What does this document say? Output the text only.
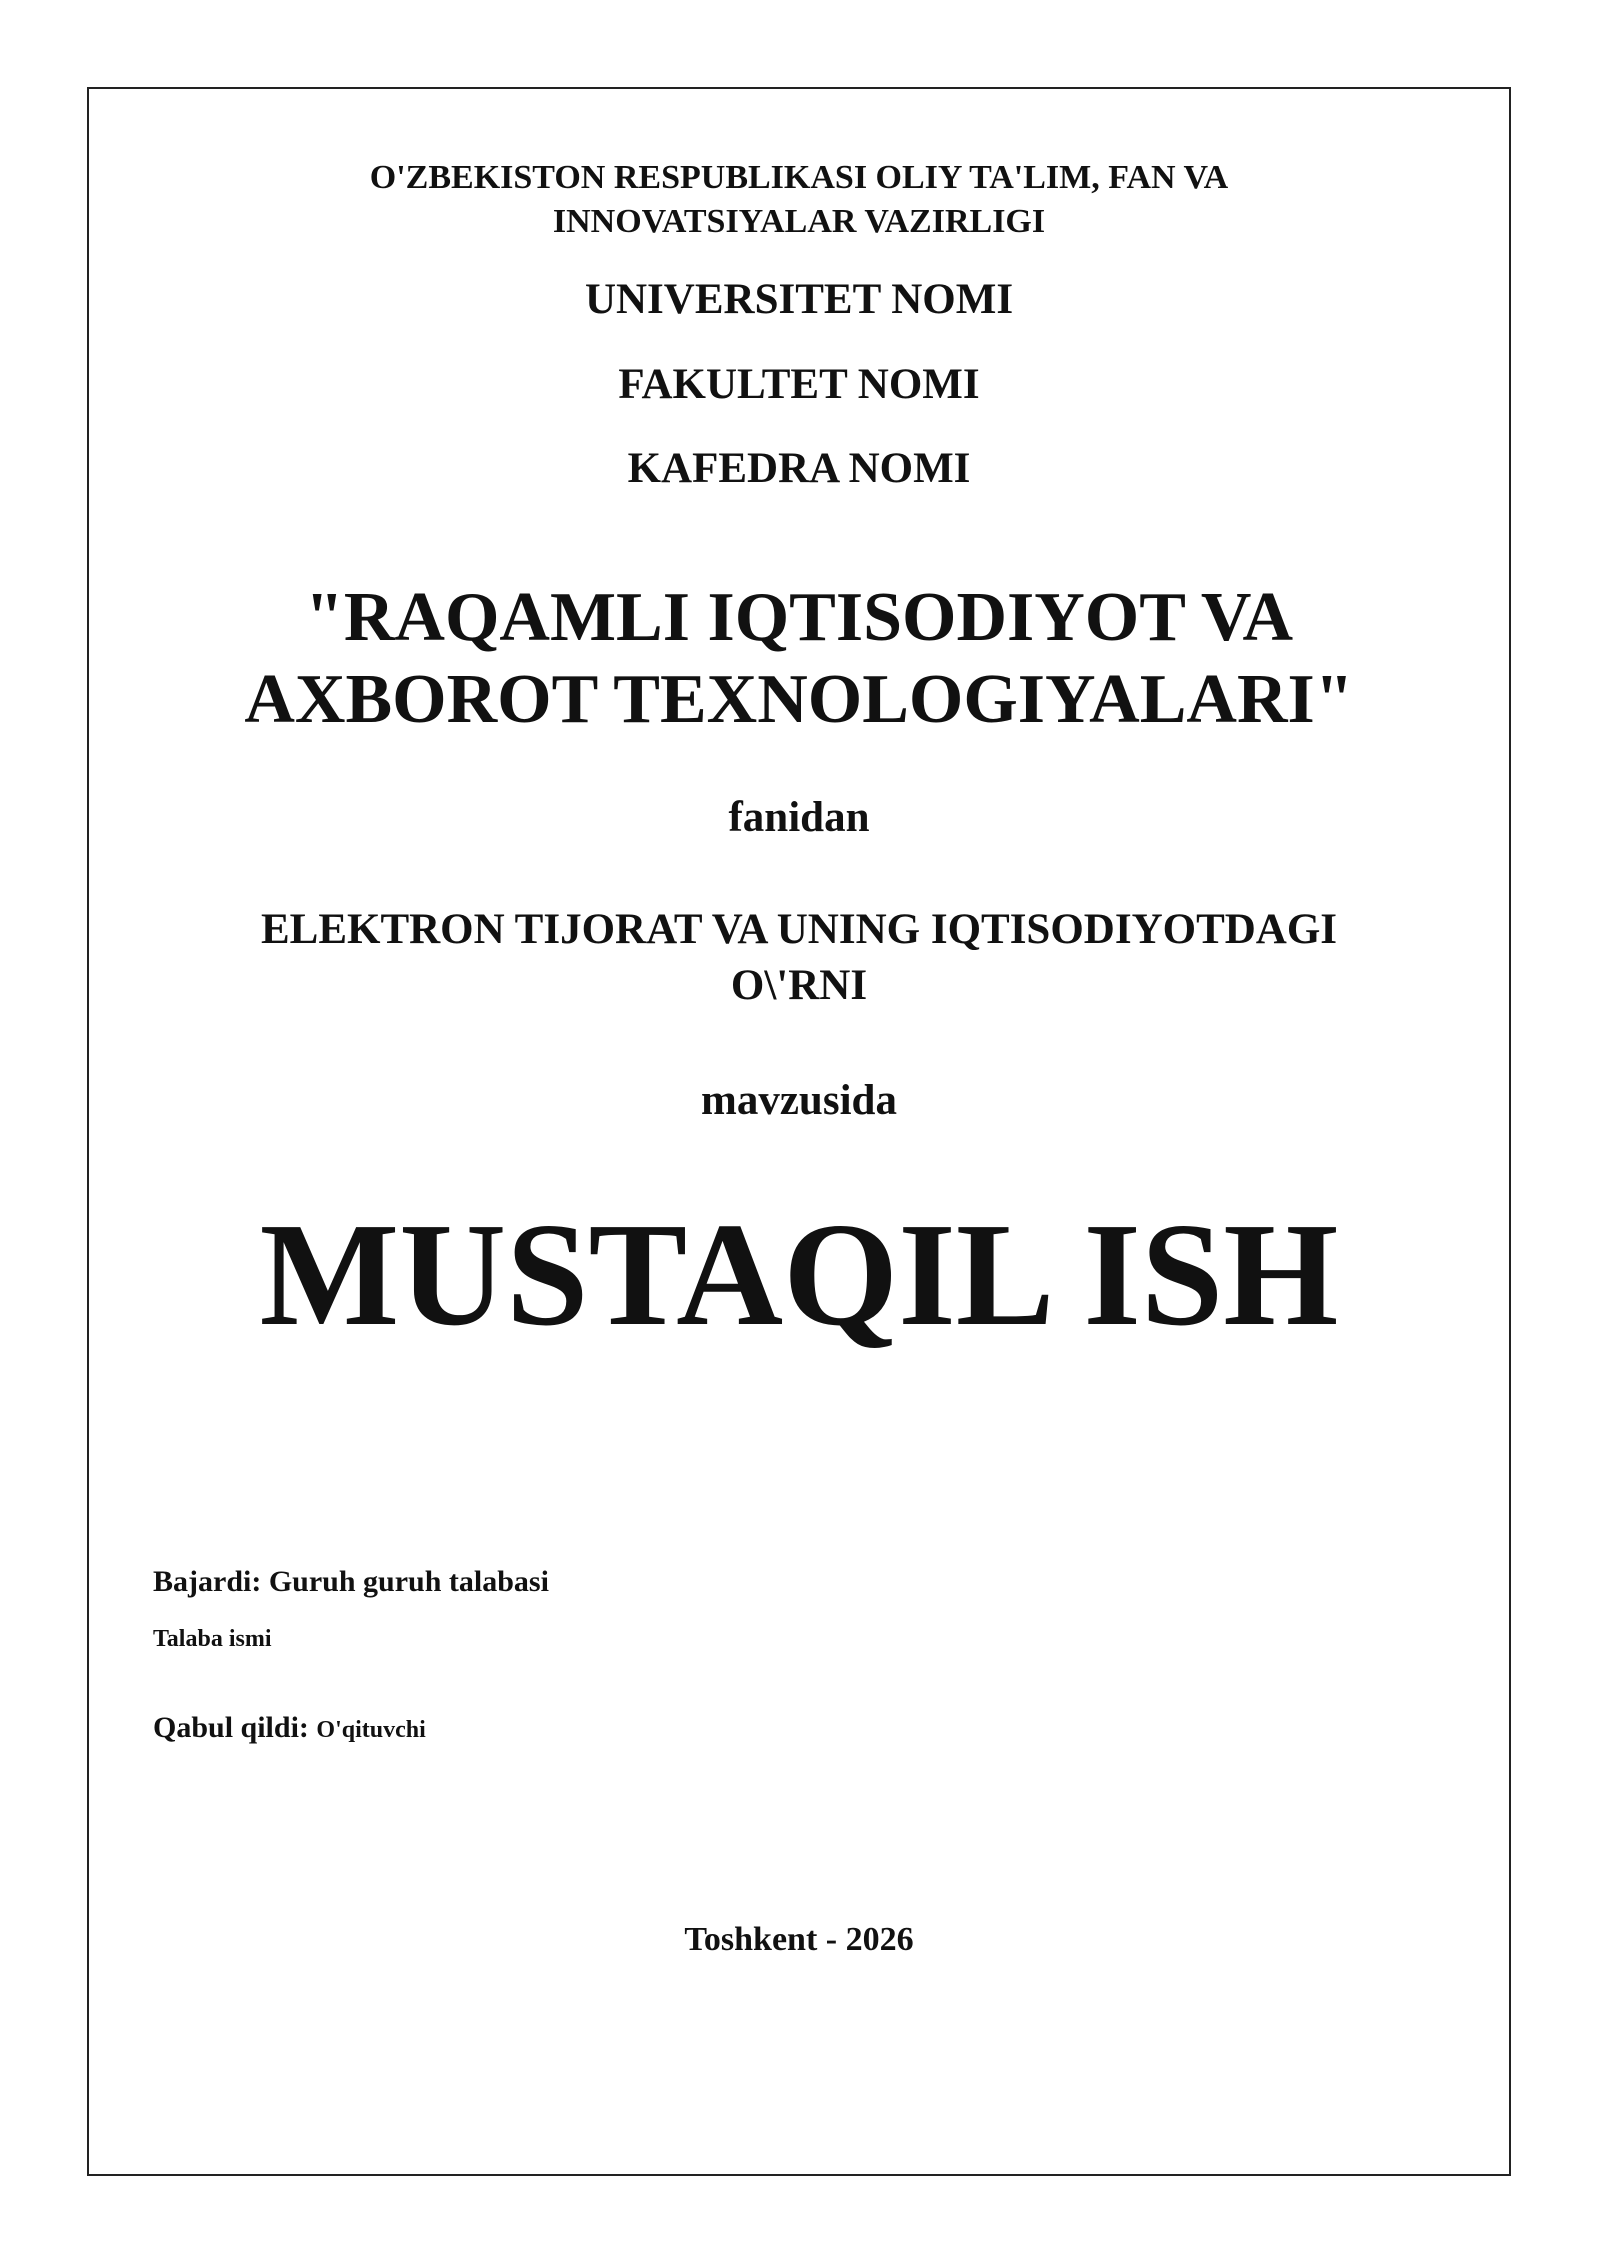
O'ZBEKISTON RESPUBLIKASI OLIY TA'LIM, FAN VA
INNOVATSIYALAR VAZIRLIGI
UNIVERSITET NOMI
FAKULTET NOMI
KAFEDRA NOMI
"RAQAMLI IQTISODIYOT VA
AXBOROT TEXNOLOGIYALARI"
fanidan
ELEKTRON TIJORAT VA UNING IQTISODIYOTDAGI
O\'RNI
mavzusida
MUSTAQIL ISH
Bajardi: Guruh guruh talabasi
Talaba ismi
Qabul qildi: O'qituvchi
Toshkent - 2026
